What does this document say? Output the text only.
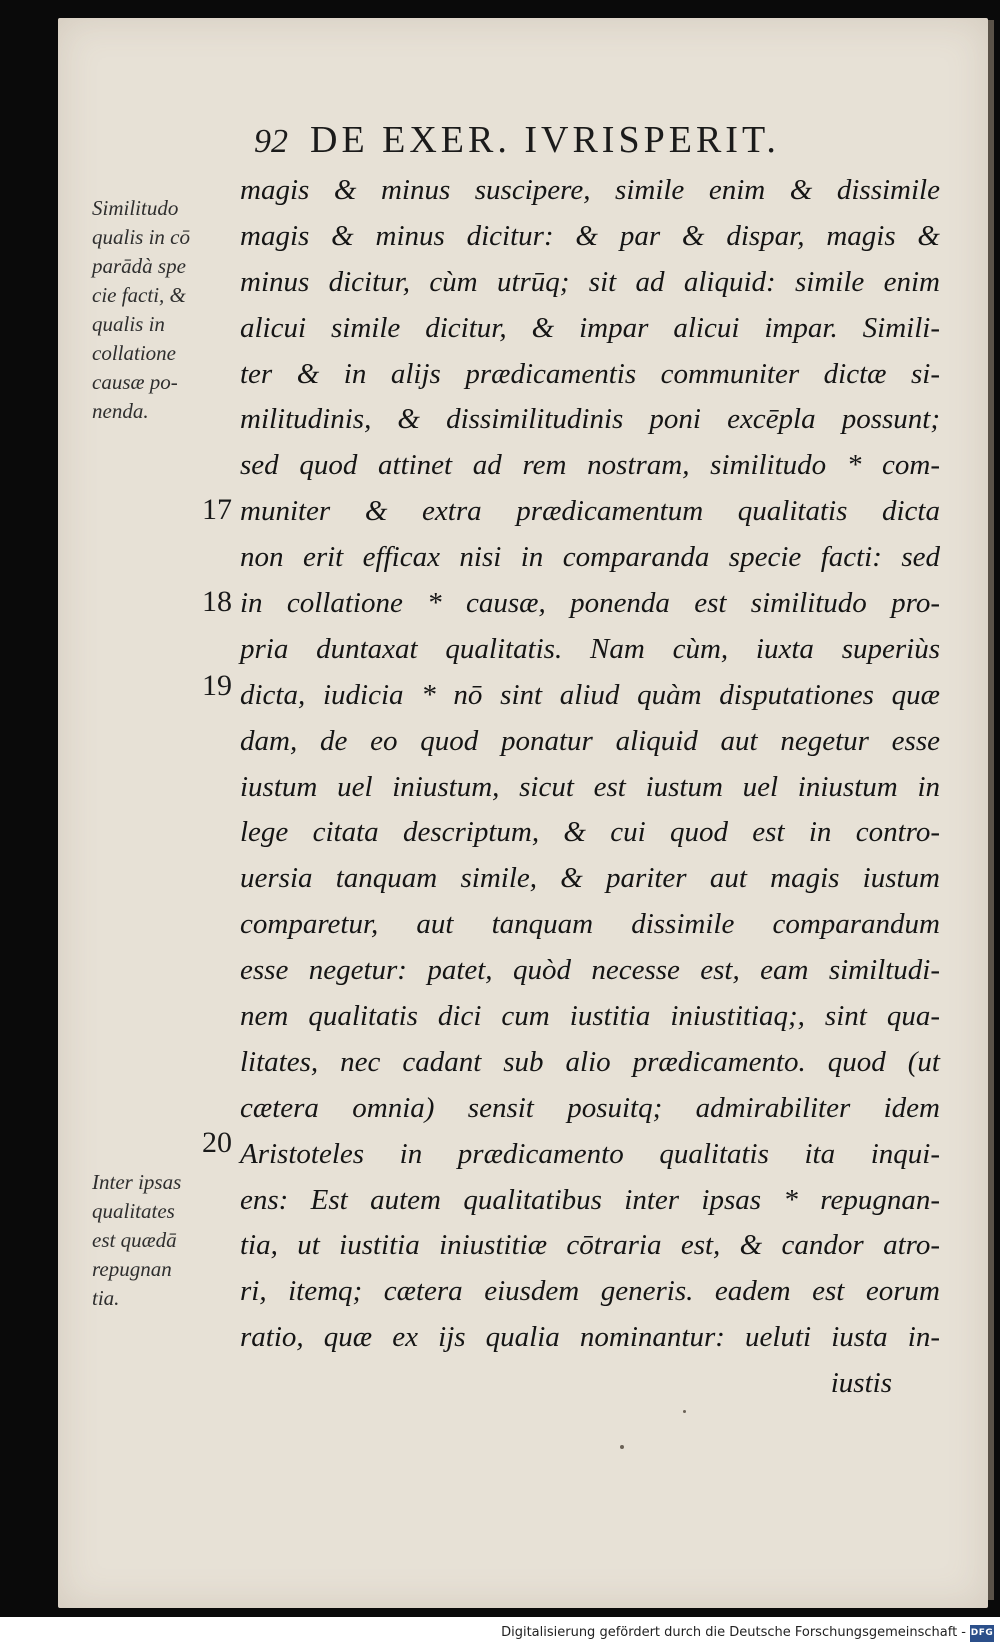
92 DE EXER. IVRISPERIT.
Similitudo
qualis in cō
parādà spe
cie facti, &
qualis in
collatione
causæ po-
nenda.
Inter ipsas
qualitates
est quædā
repugnan
tia.
17
18
19
20
magis & minus suscipere, simile enim & dissimile
magis & minus dicitur: & par & dispar, magis &
minus dicitur, cùm utrūq; sit ad aliquid: simile enim
alicui simile dicitur, & impar alicui impar. Simili-
ter & in alijs prædicamentis communiter dictæ si-
militudinis, & dissimilitudinis poni excēpla possunt;
sed quod attinet ad rem nostram, similitudo * com-
muniter & extra prædicamentum qualitatis dicta
non erit efficax nisi in comparanda specie facti: sed
in collatione * causæ, ponenda est similitudo pro-
pria duntaxat qualitatis. Nam cùm, iuxta superiùs
dicta, iudicia * nō sint aliud quàm disputationes quæ
dam, de eo quod ponatur aliquid aut negetur esse
iustum uel iniustum, sicut est iustum uel iniustum in
lege citata descriptum, & cui quod est in contro-
uersia tanquam simile, & pariter aut magis iustum
comparetur, aut tanquam dissimile comparandum
esse negetur: patet, quòd necesse est, eam similtudi-
nem qualitatis dici cum iustitia iniustitiaq;, sint qua-
litates, nec cadant sub alio prædicamento. quod (ut
cætera omnia) sensit posuitq; admirabiliter idem
Aristoteles in prædicamento qualitatis ita inqui-
ens: Est autem qualitatibus inter ipsas * repugnan-
tia, ut iustitia iniustitiæ cōtraria est, & candor atro-
ri, itemq; cætera eiusdem generis. eadem est eorum
ratio, quæ ex ijs qualia nominantur: ueluti iusta in-
iustis
Digitalisierung gefördert durch die Deutsche Forschungsgemeinschaft - DFG
